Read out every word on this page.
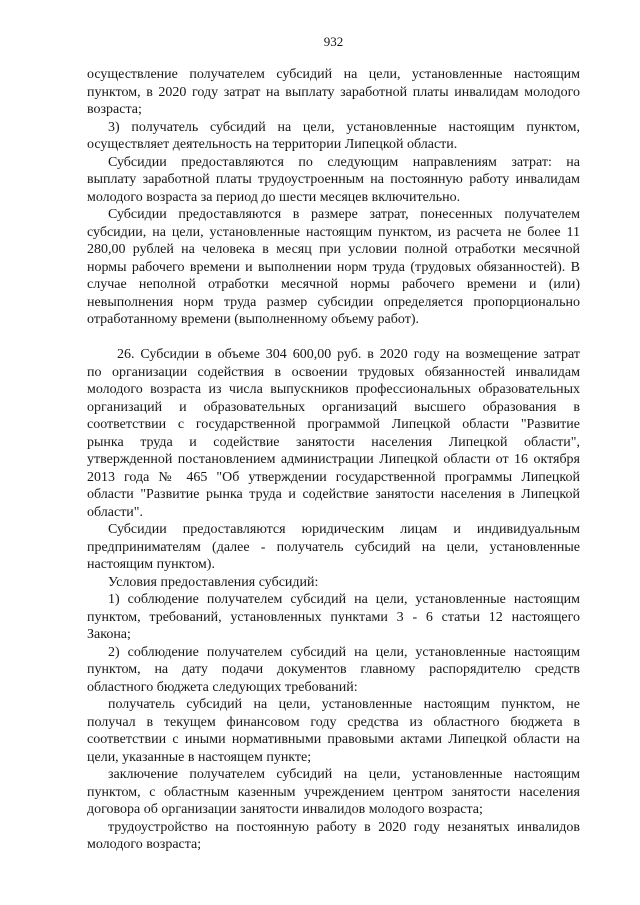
932
осуществление получателем субсидий на цели, установленные настоящим
пунктом, в 2020 году затрат на выплату заработной платы инвалидам молодого
возраста;
3) получатель субсидий на цели, установленные настоящим пунктом,
осуществляет деятельность на территории Липецкой области.
Субсидии предоставляются по следующим направлениям затрат: на
выплату заработной платы трудоустроенным на постоянную работу инвалидам
молодого возраста за период до шести месяцев включительно.
Субсидии предоставляются в размере затрат, понесенных получателем
субсидии, на цели, установленные настоящим пунктом, из расчета не более 11
280,00 рублей на человека в месяц при условии полной отработки месячной
нормы рабочего времени и выполнении норм труда (трудовых обязанностей). В
случае неполной отработки месячной нормы рабочего времени и (или)
невыполнения норм труда размер субсидии определяется пропорционально
отработанному времени (выполненному объему работ).
26. Субсидии в объеме 304 600,00 руб. в 2020 году на возмещение затрат
по организации содействия в освоении трудовых обязанностей инвалидам
молодого возраста из числа выпускников профессиональных образовательных
организаций и образовательных организаций высшего образования в
соответствии с государственной программой Липецкой области "Развитие
рынка труда и содействие занятости населения Липецкой области",
утвержденной постановлением администрации Липецкой области от 16 октября
2013 года № 465 "Об утверждении государственной программы Липецкой
области "Развитие рынка труда и содействие занятости населения в Липецкой
области".
Субсидии предоставляются юридическим лицам и индивидуальным
предпринимателям (далее - получатель субсидий на цели, установленные
настоящим пунктом).
Условия предоставления субсидий:
1) соблюдение получателем субсидий на цели, установленные настоящим
пунктом, требований, установленных пунктами 3 - 6 статьи 12 настоящего
Закона;
2) соблюдение получателем субсидий на цели, установленные настоящим
пунктом, на дату подачи документов главному распорядителю средств
областного бюджета следующих требований:
получатель субсидий на цели, установленные настоящим пунктом, не
получал в текущем финансовом году средства из областного бюджета в
соответствии с иными нормативными правовыми актами Липецкой области на
цели, указанные в настоящем пункте;
заключение получателем субсидий на цели, установленные настоящим
пунктом, с областным казенным учреждением центром занятости населения
договора об организации занятости инвалидов молодого возраста;
трудоустройство на постоянную работу в 2020 году незанятых инвалидов
молодого возраста;
